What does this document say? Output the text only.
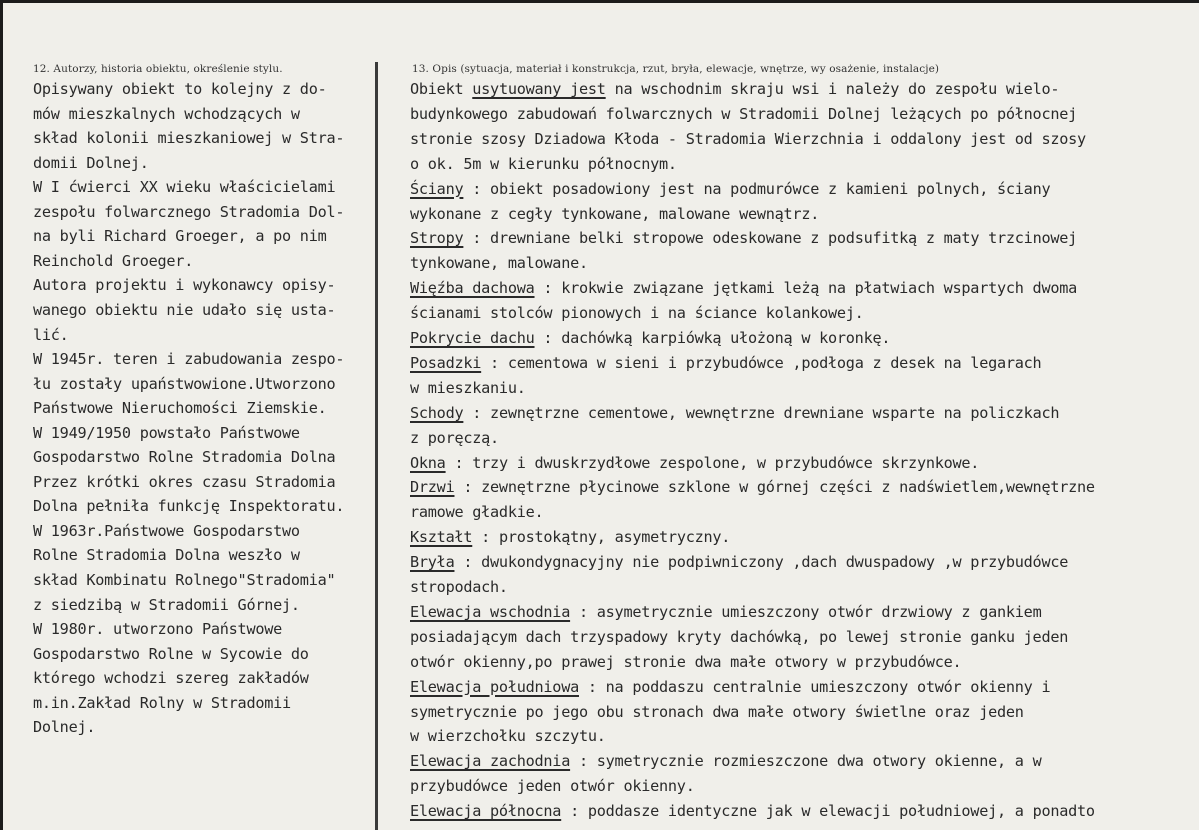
12. Autorzy, historia obiektu, określenie stylu.	13. Opis (sytuacja, materiał i konstrukcja, rzut, bryła, elewacje, wnętrze, wy osażenie, instalacje)
Opisywany obiekt to kolejny z do-
mów mieszkalnych wchodzących w
skład kolonii mieszkaniowej w Stra-
domii Dolnej.
W I ćwierci XX wieku właścicielami
zespołu folwarcznego Stradomia Dol-
na byli Richard Groeger, a po nim
Reinchold Groeger.
Autora projektu i wykonawcy opisy-
wanego obiektu nie udało się usta-
lić.
W 1945r. teren i zabudowania zespo-
łu zostały upaństwowione.Utworzono
Państwowe Nieruchomości Ziemskie.
W 1949/1950 powstało Państwowe
Gospodarstwo Rolne Stradomia Dolna
Przez krótki okres czasu Stradomia
Dolna pełniła funkcję Inspektoratu.
W 1963r.Państwowe Gospodarstwo
Rolne Stradomia Dolna weszło w
skład Kombinatu Rolnego"Stradomia"
z siedzibą w Stradomii Górnej.
W 1980r. utworzono Państwowe
Gospodarstwo Rolne w Sycowie do
którego wchodzi szereg zakładów
m.in.Zakład Rolny w Stradomii
Dolnej.
Obiekt usytuowany jest na wschodnim skraju wsi i należy do zespołu wielo-
budynkowego zabudowań folwarcznych w Stradomii Dolnej leżących po północnej
stronie szosy Dziadowa Kłoda - Stradomia Wierzchnia i oddalony jest od szosy
o ok. 5m w kierunku północnym.
Ściany : obiekt posadowiony jest na podmurówce z kamieni polnych, ściany
wykonane z cegły tynkowane, malowane wewnątrz.
Stropy : drewniane belki stropowe odeskowane z podsufitką z maty trzcinowej
tynkowane, malowane.
Więźba dachowa : krokwie związane jętkami leżą na płatwiach wspartych dwoma
ścianami stolców pionowych i na ściance kolankowej.
Pokrycie dachu : dachówką karpiówką ułożoną w koronkę.
Posadzki : cementowa w sieni i przybudówce ,podłoga z desek na legarach
w mieszkaniu.
Schody : zewnętrzne cementowe, wewnętrzne drewniane wsparte na policzkach
z poręczą.
Okna : trzy i dwuskrzydłowe zespolone, w przybudówce skrzynkowe.
Drzwi : zewnętrzne płycinowe szklone w górnej części z nadświetlem,wewnętrzne
ramowe gładkie.
Kształt : prostokątny, asymetryczny.
Bryła : dwukondygnacyjny nie podpiwniczony ,dach dwuspadowy ,w przybudówce
stropodach.
Elewacja wschodnia : asymetrycznie umieszczony otwór drzwiowy z gankiem
posiadającym dach trzyspadowy kryty dachówką, po lewej stronie ganku jeden
otwór okienny,po prawej stronie dwa małe otwory w przybudówce.
Elewacja południowa : na poddaszu centralnie umieszczony otwór okienny i
symetrycznie po jego obu stronach dwa małe otwory świetlne oraz jeden
w wierzchołku szczytu.
Elewacja zachodnia : symetrycznie rozmieszczone dwa otwory okienne, a w
przybudówce jeden otwór okienny.
Elewacja północna : poddasze identyczne jak w elewacji południowej, a ponadto
